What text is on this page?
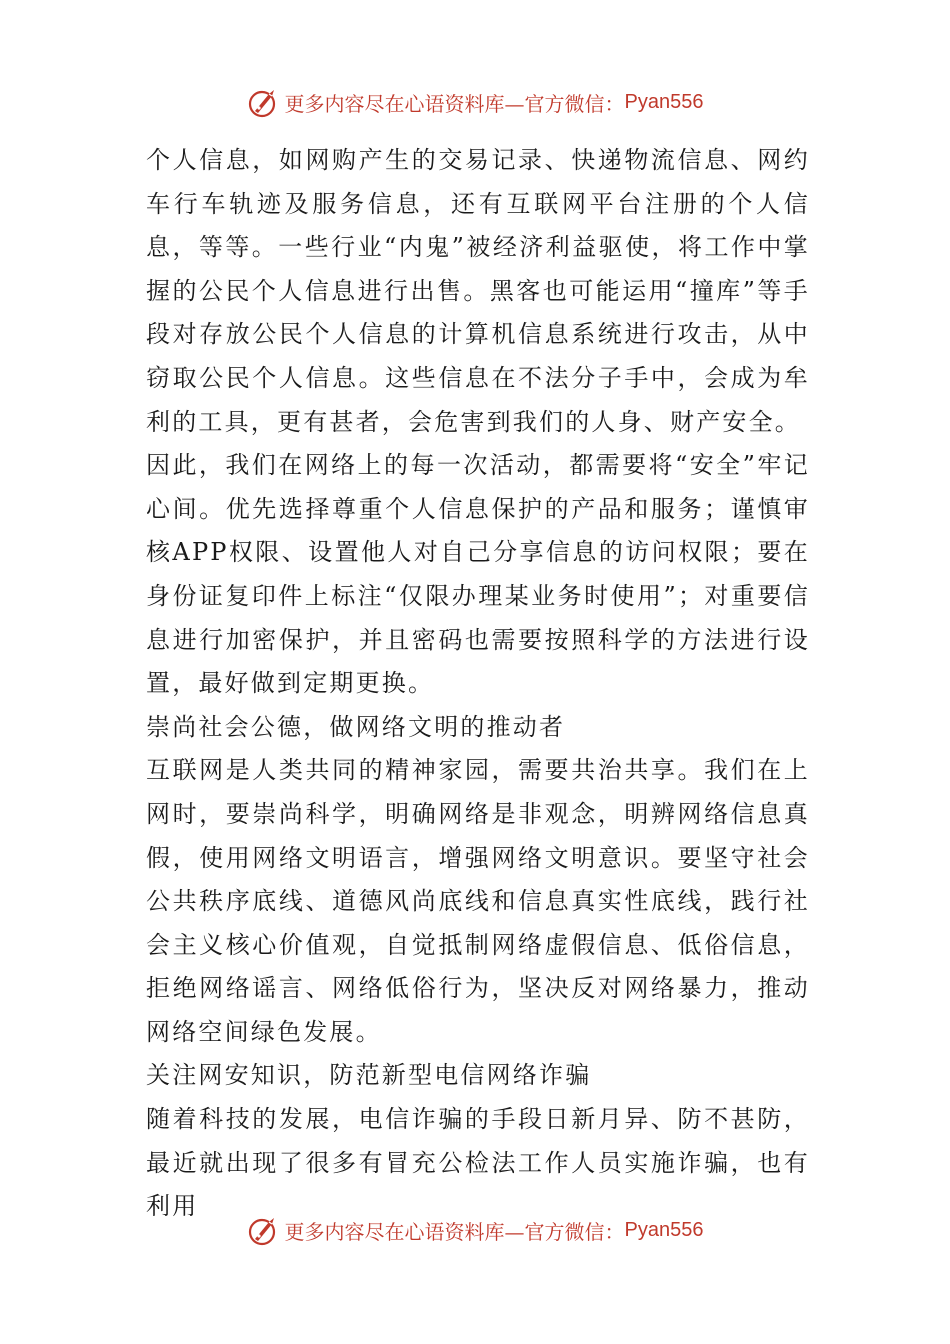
更多内容尽在心语资料库—官方微信： Pyan556

个人信息，如网购产生的交易记录、快递物流信息、网约车行车轨迹及服务信息，还有互联网平台注册的个人信息，等等。一些行业“内鬼”被经济利益驱使，将工作中掌握的公民个人信息进行出售。黑客也可能运用“撞库”等手段对存放公民个人信息的计算机信息系统进行攻击，从中窃取公民个人信息。这些信息在不法分子手中，会成为牟利的工具，更有甚者，会危害到我们的人身、财产安全。

因此，我们在网络上的每一次活动，都需要将“安全”牢记心间。优先选择尊重个人信息保护的产品和服务；谨慎审核APP权限、设置他人对自己分享信息的访问权限；要在身份证复印件上标注“仅限办理某业务时使用”；对重要信息进行加密保护，并且密码也需要按照科学的方法进行设置，最好做到定期更换。

崇尚社会公德，做网络文明的推动者

互联网是人类共同的精神家园，需要共治共享。我们在上网时，要崇尚科学，明确网络是非观念，明辨网络信息真假，使用网络文明语言，增强网络文明意识。要坚守社会公共秩序底线、道德风尚底线和信息真实性底线，践行社会主义核心价值观，自觉抵制网络虚假信息、低俗信息，拒绝网络谣言、网络低俗行为，坚决反对网络暴力，推动网络空间绿色发展。

关注网安知识，防范新型电信网络诈骗

随着科技的发展，电信诈骗的手段日新月异、防不甚防，最近就出现了很多有冒充公检法工作人员实施诈骗，也有利用

更多内容尽在心语资料库—官方微信： Pyan556
